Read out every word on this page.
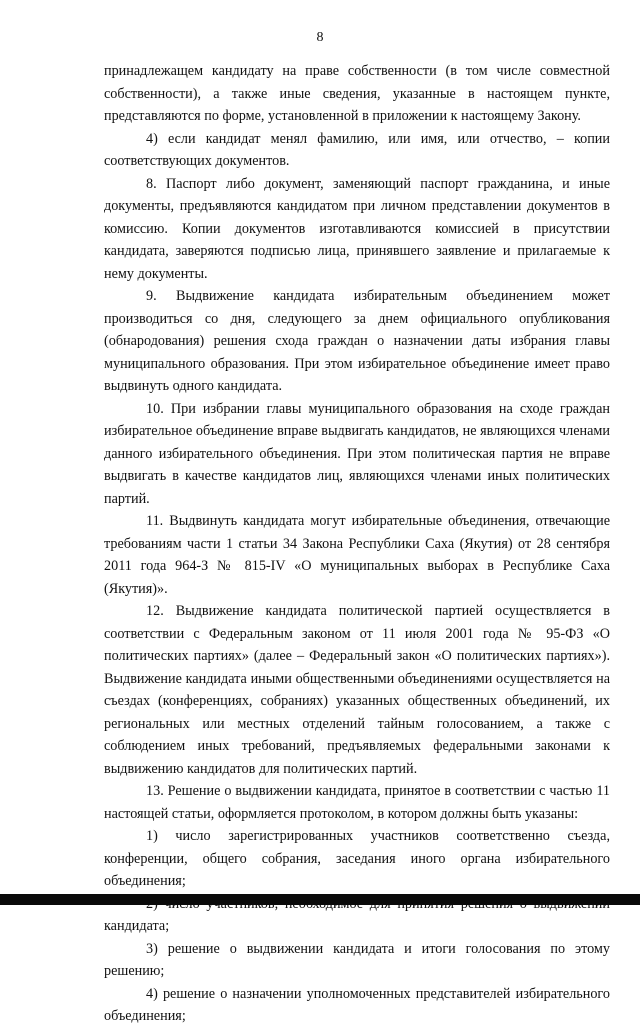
8

принадлежащем кандидату на праве собственности (в том числе совместной собственности), а также иные сведения, указанные в настоящем пункте, представляются по форме, установленной в приложении к настоящему Закону.

4) если кандидат менял фамилию, или имя, или отчество, – копии соответствующих документов.

8. Паспорт либо документ, заменяющий паспорт гражданина, и иные документы, предъявляются кандидатом при личном представлении документов в комиссию. Копии документов изготавливаются комиссией в присутствии кандидата, заверяются подписью лица, принявшего заявление и прилагаемые к нему документы.

9. Выдвижение кандидата избирательным объединением может производиться со дня, следующего за днем официального опубликования (обнародования) решения схода граждан о назначении даты избрания главы муниципального образования. При этом избирательное объединение имеет право выдвинуть одного кандидата.

10. При избрании главы муниципального образования на сходе граждан избирательное объединение вправе выдвигать кандидатов, не являющихся членами данного избирательного объединения. При этом политическая партия не вправе выдвигать в качестве кандидатов лиц, являющихся членами иных политических партий.

11. Выдвинуть кандидата могут избирательные объединения, отвечающие требованиям части 1 статьи 34 Закона Республики Саха (Якутия) от 28 сентября 2011 года 964-З № 815-IV «О муниципальных выборах в Республике Саха (Якутия)».

12. Выдвижение кандидата политической партией осуществляется в соответствии с Федеральным законом от 11 июля 2001 года № 95-ФЗ «О политических партиях» (далее – Федеральный закон «О политических партиях»). Выдвижение кандидата иными общественными объединениями осуществляется на съездах (конференциях, собраниях) указанных общественных объединений, их региональных или местных отделений тайным голосованием, а также с соблюдением иных требований, предъявляемых федеральными законами к выдвижению кандидатов для политических партий.

13. Решение о выдвижении кандидата, принятое в соответствии с частью 11 настоящей статьи, оформляется протоколом, в котором должны быть указаны:

1) число зарегистрированных участников соответственно съезда, конференции, общего собрания, заседания иного органа избирательного объединения;

кандидата;

3) решение о выдвижении кандидата и итоги голосования по этому решению;

4) решение о назначении уполномоченных представителей избирательного объединения;
